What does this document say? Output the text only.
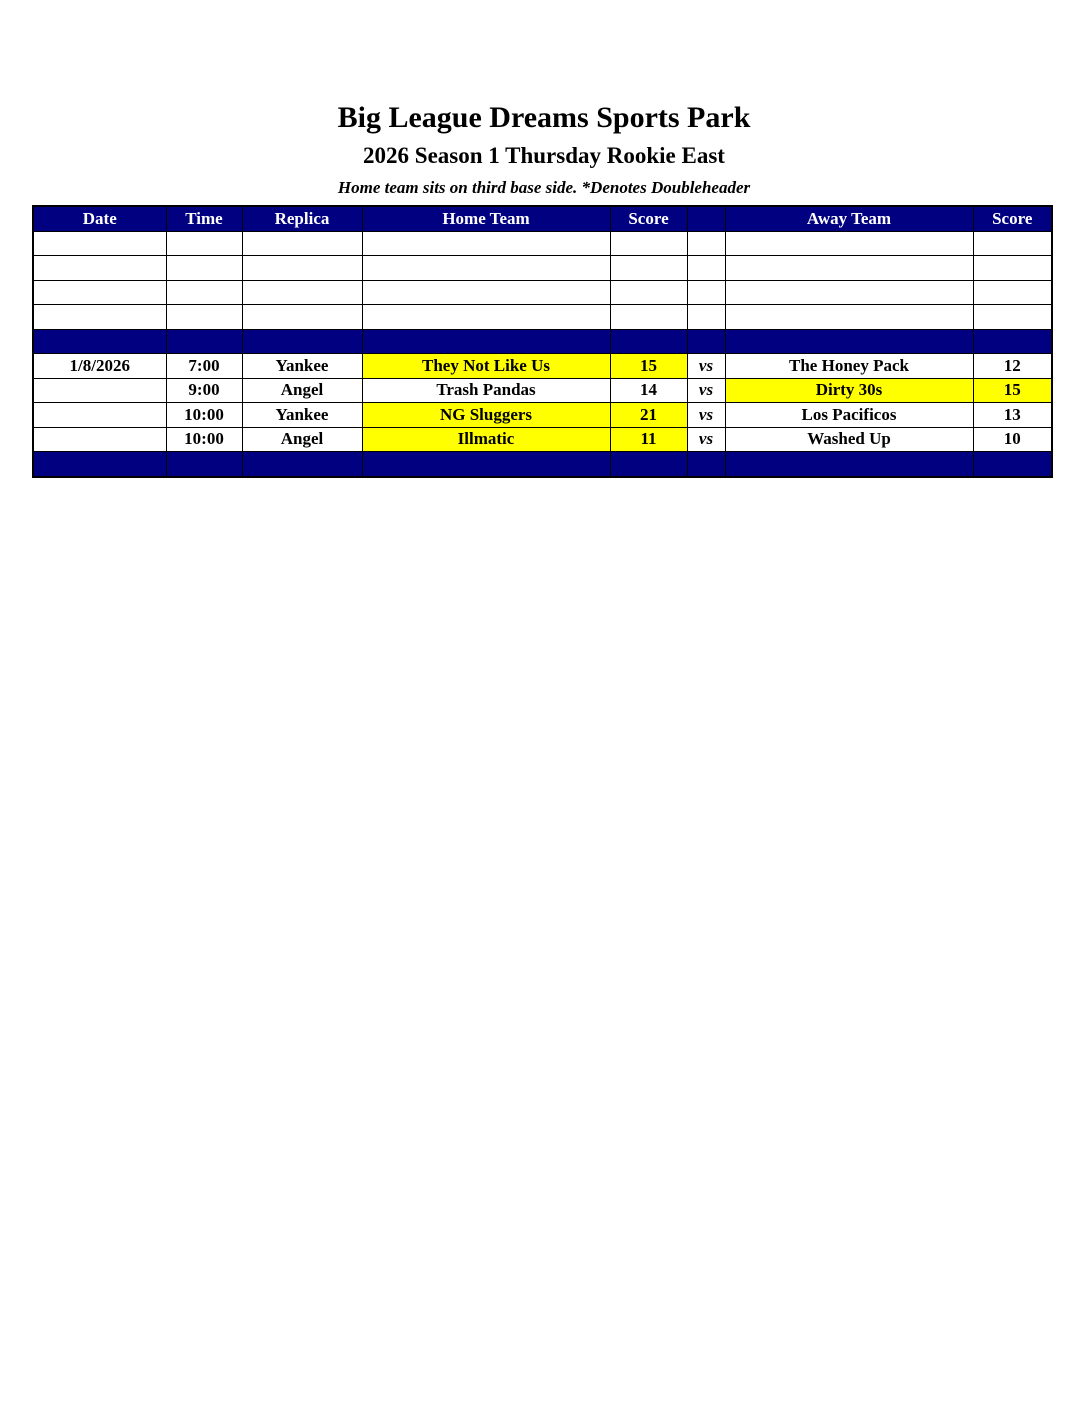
Big League Dreams Sports Park
2026 Season 1 Thursday Rookie East
Home team sits on third base side. *Denotes Doubleheader
Date	Time	Replica	Home Team	Score		Away Team	Score

1/8/2026	7:00	Yankee	They Not Like Us	15	vs	The Honey Pack	12
	9:00	Angel	Trash Pandas	14	vs	Dirty 30s	15
	10:00	Yankee	NG Sluggers	21	vs	Los Pacificos	13
	10:00	Angel	Illmatic	11	vs	Washed Up	10
